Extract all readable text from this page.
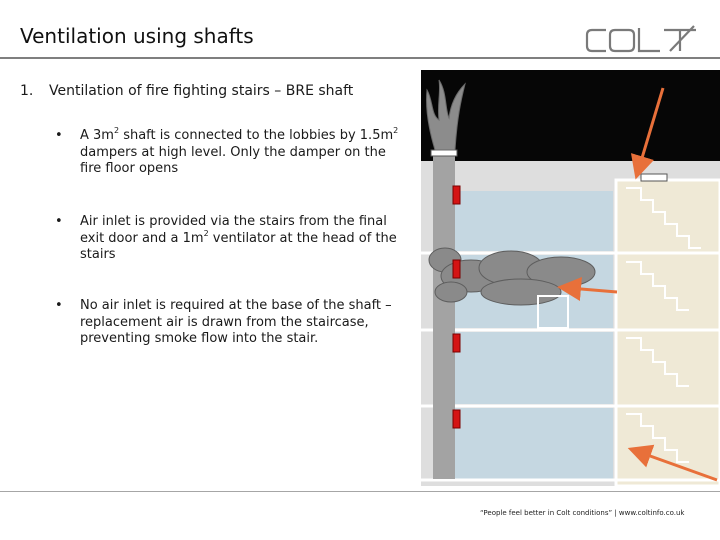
Ventilation using shafts
1. Ventilation of fire fighting stairs – BRE shaft
• A $3m^2$ shaft is connected to the lobbies by $1.5m^2$ dampers at high level. Only the damper on the fire floor opens
• Air inlet is provided via the stairs from the final exit door and a $1m^2$ ventilator at the head of the stairs
• No air inlet is required at the base of the shaft – replacement air is drawn from the staircase, preventing smoke flow into the stair.
“People feel better in Colt conditions” | www.coltinfo.co.uk
